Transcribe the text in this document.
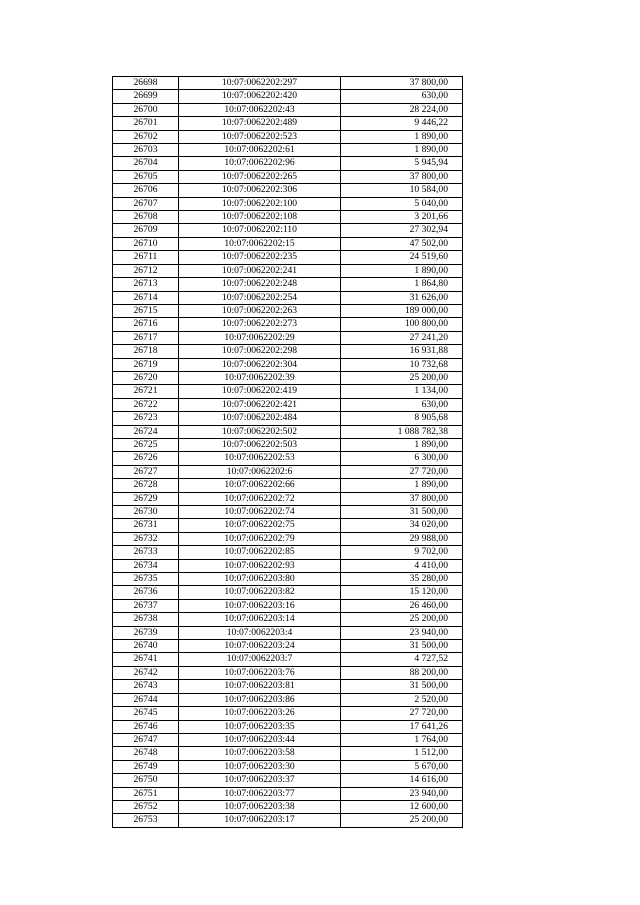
26698	10:07:0062202:297	37 800,00
26699	10:07:0062202:420	630,00
26700	10:07:0062202:43	28 224,00
26701	10:07:0062202:489	9 446,22
26702	10:07:0062202:523	1 890,00
26703	10:07:0062202:61	1 890,00
26704	10:07:0062202:96	5 945,94
26705	10:07:0062202:265	37 800,00
26706	10:07:0062202:306	10 584,00
26707	10:07:0062202:100	5 040,00
26708	10:07:0062202:108	3 201,66
26709	10:07:0062202:110	27 302,94
26710	10:07:0062202:15	47 502,00
26711	10:07:0062202:235	24 519,60
26712	10:07:0062202:241	1 890,00
26713	10:07:0062202:248	1 864,80
26714	10:07:0062202:254	31 626,00
26715	10:07:0062202:263	189 000,00
26716	10:07:0062202:273	100 800,00
26717	10:07:0062202:29	27 241,20
26718	10:07:0062202:298	16 931,88
26719	10:07:0062202:304	10 732,68
26720	10:07:0062202:39	25 200,00
26721	10:07:0062202:419	1 134,00
26722	10:07:0062202:421	630,00
26723	10:07:0062202:484	8 905,68
26724	10:07:0062202:502	1 088 782,38
26725	10:07:0062202:503	1 890,00
26726	10:07:0062202:53	6 300,00
26727	10:07:0062202:6	27 720,00
26728	10:07:0062202:66	1 890,00
26729	10:07:0062202:72	37 800,00
26730	10:07:0062202:74	31 500,00
26731	10:07:0062202:75	34 020,00
26732	10:07:0062202:79	29 988,00
26733	10:07:0062202:85	9 702,00
26734	10:07:0062202:93	4 410,00
26735	10:07:0062203:80	35 280,00
26736	10:07:0062203:82	15 120,00
26737	10:07:0062203:16	26 460,00
26738	10:07:0062203:14	25 200,00
26739	10:07:0062203:4	23 940,00
26740	10:07:0062203:24	31 500,00
26741	10:07:0062203:7	4 727,52
26742	10:07:0062203:76	88 200,00
26743	10:07:0062203:81	31 500,00
26744	10:07:0062203:86	2 520,00
26745	10:07:0062203:26	27 720,00
26746	10:07:0062203:35	17 641,26
26747	10:07:0062203:44	1 764,00
26748	10:07:0062203:58	1 512,00
26749	10:07:0062203:30	5 670,00
26750	10:07:0062203:37	14 616,00
26751	10:07:0062203:77	23 940,00
26752	10:07:0062203:38	12 600,00
26753	10:07:0062203:17	25 200,00
